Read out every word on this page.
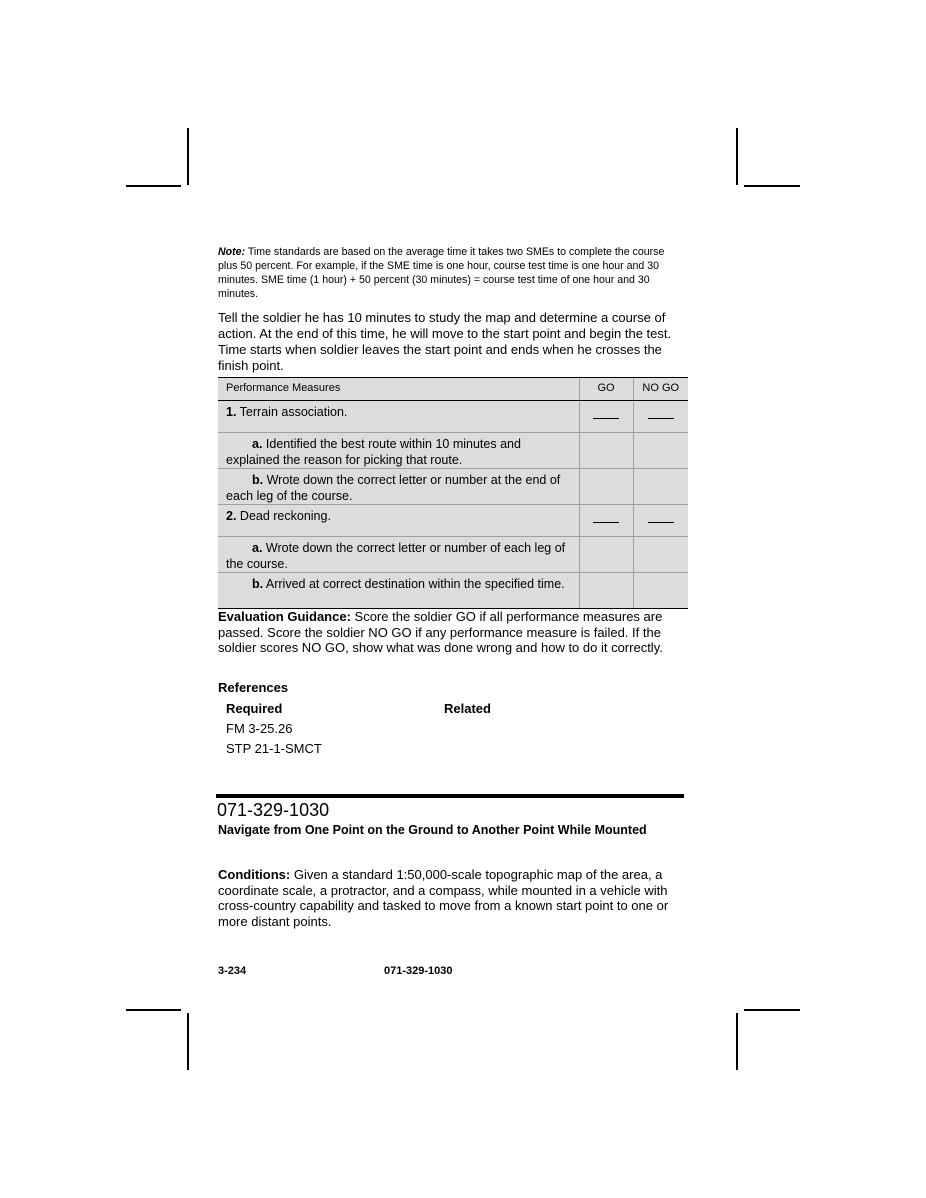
Note: Time standards are based on the average time it takes two SMEs to complete the course plus 50 percent. For example, if the SME time is one hour, course test time is one hour and 30 minutes. SME time (1 hour) + 50 percent (30 minutes) = course test time of one hour and 30 minutes.
Tell the soldier he has 10 minutes to study the map and determine a course of action. At the end of this time, he will move to the start point and begin the test. Time starts when soldier leaves the start point and ends when he crosses the finish point.
Performance Measures	GO	NO GO
1. Terrain association.		
a. Identified the best route within 10 minutes and explained the reason for picking that route.		
b. Wrote down the correct letter or number at the end of each leg of the course.		
2. Dead reckoning.		
a. Wrote down the correct letter or number of each leg of the course.		
b. Arrived at correct destination within the specified time.		
Evaluation Guidance: Score the soldier GO if all performance measures are passed. Score the soldier NO GO if any performance measure is failed. If the soldier scores NO GO, show what was done wrong and how to do it correctly.
References
Required	Related
FM 3-25.26
STP 21-1-SMCT
071-329-1030
Navigate from One Point on the Ground to Another Point While Mounted
Conditions: Given a standard 1:50,000-scale topographic map of the area, a coordinate scale, a protractor, and a compass, while mounted in a vehicle with cross-country capability and tasked to move from a known start point to one or more distant points.
3-234	071-329-1030
